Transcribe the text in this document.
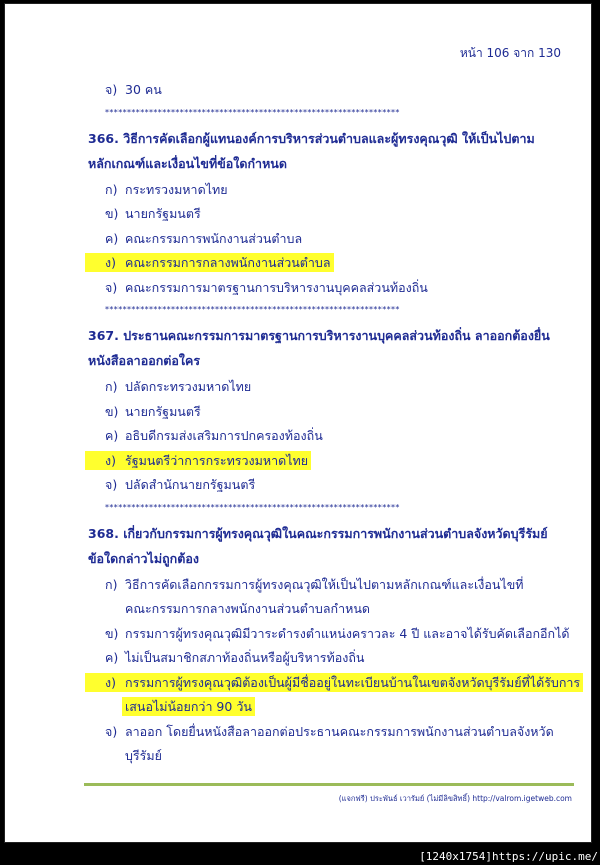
หน้า 106 จาก 130
จ) 30 คน
*******************************************************************
366. วิธีการคัดเลือกผู้แทนองค์การบริหารส่วนตำบลและผู้ทรงคุณวุฒิ ให้เป็นไปตาม
หลักเกณฑ์และเงื่อนไขที่ข้อใดกำหนด
ก) กระทรวงมหาดไทย
ข) นายกรัฐมนตรี
ค) คณะกรรมการพนักงานส่วนตำบล
ง) คณะกรรมการกลางพนักงานส่วนตำบล
จ) คณะกรรมการมาตรฐานการบริหารงานบุคคลส่วนท้องถิ่น
*******************************************************************
367. ประธานคณะกรรมการมาตรฐานการบริหารงานบุคคลส่วนท้องถิ่น ลาออกต้องยื่น
หนังสือลาออกต่อใคร
ก) ปลัดกระทรวงมหาดไทย
ข) นายกรัฐมนตรี
ค) อธิบดีกรมส่งเสริมการปกครองท้องถิ่น
ง) รัฐมนตรีว่าการกระทรวงมหาดไทย
จ) ปลัดสำนักนายกรัฐมนตรี
*******************************************************************
368. เกี่ยวกับกรรมการผู้ทรงคุณวุฒิในคณะกรรมการพนักงานส่วนตำบลจังหวัดบุรีรัมย์
ข้อใดกล่าวไม่ถูกต้อง
ก) วิธีการคัดเลือกกรรมการผู้ทรงคุณวุฒิให้เป็นไปตามหลักเกณฑ์และเงื่อนไขที่
คณะกรรมการกลางพนักงานส่วนตำบลกำหนด
ข) กรรมการผู้ทรงคุณวุฒิมีวาระดำรงตำแหน่งคราวละ 4 ปี และอาจได้รับคัดเลือกอีกได้
ค) ไม่เป็นสมาชิกสภาท้องถิ่นหรือผู้บริหารท้องถิ่น
ง) กรรมการผู้ทรงคุณวุฒิต้องเป็นผู้มีชื่ออยู่ในทะเบียนบ้านในเขตจังหวัดบุรีรัมย์ที่ได้รับการ
เสนอไม่น้อยกว่า 90 วัน
จ) ลาออก โดยยื่นหนังสือลาออกต่อประธานคณะกรรมการพนักงานส่วนตำบลจังหวัด
บุรีรัมย์
(แจกฟรี) ประพันธ์ เวารัมย์ (ไม่มีลิขสิทธิ์) http://valrom.igetweb.com
[1240x1754]https://upic.me/
